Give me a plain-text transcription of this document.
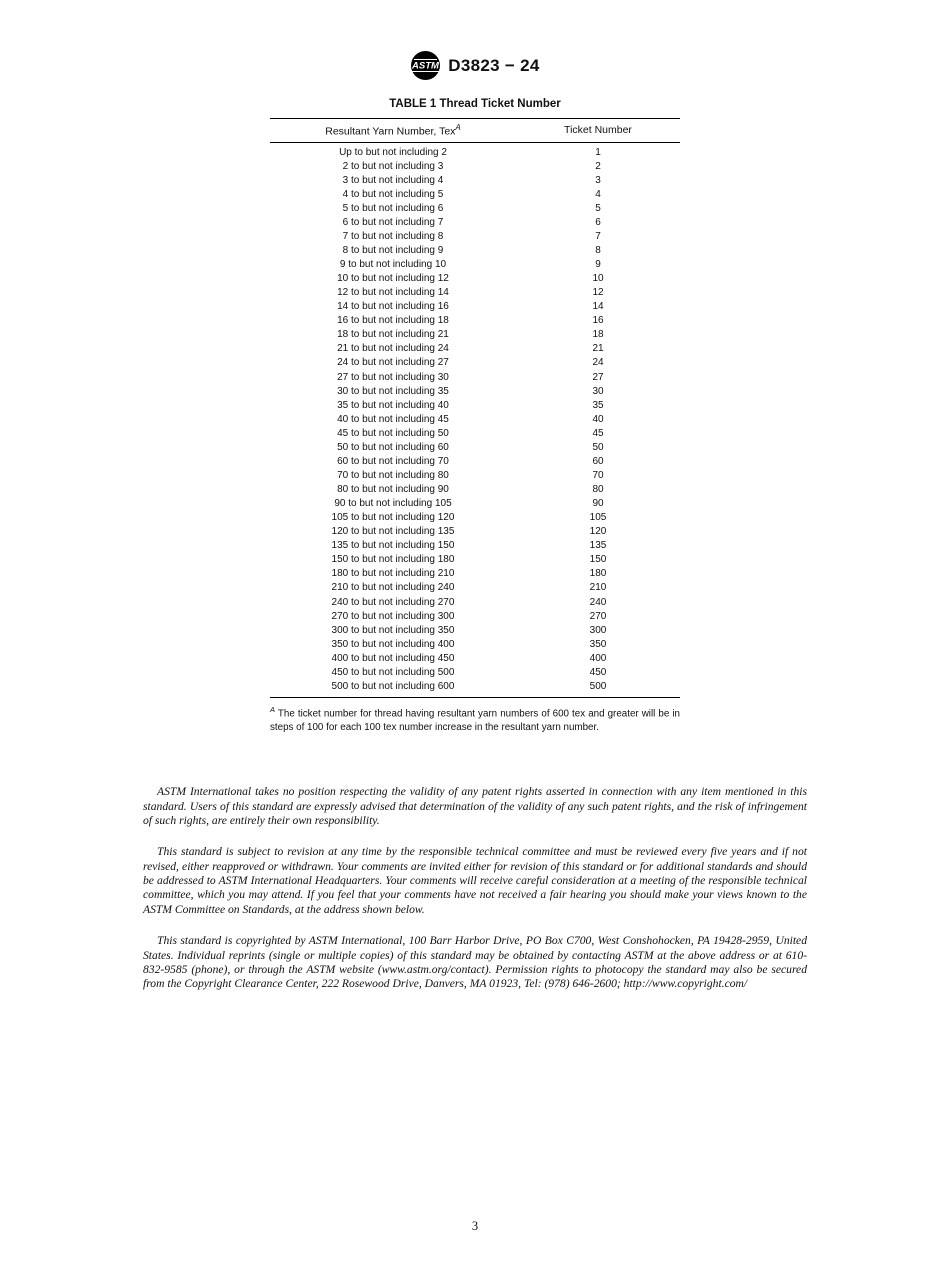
ASTM D3823 − 24
TABLE 1 Thread Ticket Number
Resultant Yarn Number, Tex$^A$	Ticket Number
Up to but not including 2	1
2 to but not including 3	2
3 to but not including 4	3
4 to but not including 5	4
5 to but not including 6	5
6 to but not including 7	6
7 to but not including 8	7
8 to but not including 9	8
9 to but not including 10	9
10 to but not including 12	10
12 to but not including 14	12
14 to but not including 16	14
16 to but not including 18	16
18 to but not including 21	18
21 to but not including 24	21
24 to but not including 27	24
27 to but not including 30	27
30 to but not including 35	30
35 to but not including 40	35
40 to but not including 45	40
45 to but not including 50	45
50 to but not including 60	50
60 to but not including 70	60
70 to but not including 80	70
80 to but not including 90	80
90 to but not including 105	90
105 to but not including 120	105
120 to but not including 135	120
135 to but not including 150	135
150 to but not including 180	150
180 to but not including 210	180
210 to but not including 240	210
240 to but not including 270	240
270 to but not including 300	270
300 to but not including 350	300
350 to but not including 400	350
400 to but not including 450	400
450 to but not including 500	450
500 to but not including 600	500
$^A$ The ticket number for thread having resultant yarn numbers of 600 tex and greater will be in steps of 100 for each 100 tex number increase in the resultant yarn number.

ASTM International takes no position respecting the validity of any patent rights asserted in connection with any item mentioned in this standard. Users of this standard are expressly advised that determination of the validity of any such patent rights, and the risk of infringement of such rights, are entirely their own responsibility.

This standard is subject to revision at any time by the responsible technical committee and must be reviewed every five years and if not revised, either reapproved or withdrawn. Your comments are invited either for revision of this standard or for additional standards and should be addressed to ASTM International Headquarters. Your comments will receive careful consideration at a meeting of the responsible technical committee, which you may attend. If you feel that your comments have not received a fair hearing you should make your views known to the ASTM Committee on Standards, at the address shown below.

This standard is copyrighted by ASTM International, 100 Barr Harbor Drive, PO Box C700, West Conshohocken, PA 19428-2959, United States. Individual reprints (single or multiple copies) of this standard may be obtained by contacting ASTM at the above address or at 610-832-9585 (phone), or through the ASTM website (www.astm.org/contact). Permission rights to photocopy the standard may also be secured from the Copyright Clearance Center, 222 Rosewood Drive, Danvers, MA 01923, Tel: (978) 646-2600; http://www.copyright.com/

3
